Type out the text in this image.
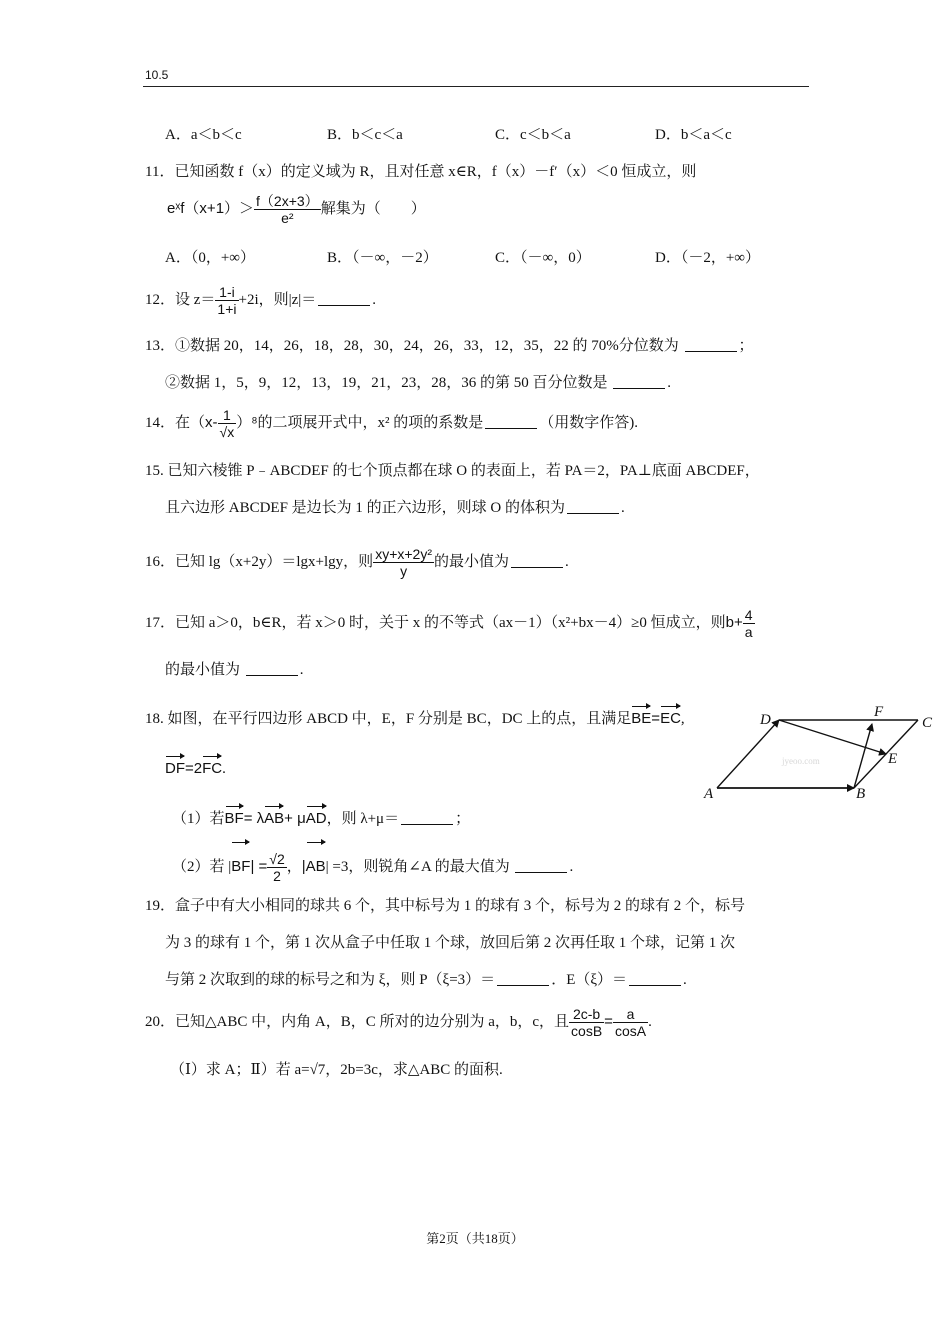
10.5
A．a＜b＜c	B．b＜c＜a	C．c＜b＜a	D．b＜a＜c
11．已知函数 f（x）的定义域为 R，且对任意 x∈R，f（x）－f′（x）＜0 恒成立，则
eˣf（x+1）＞ $\frac{f(2x+3)}{\text{e²}}$ 解集为（　　）
A．（0，+∞）	B．（－∞，－2）	C．（－∞，0）	D．（－2，+∞）
12．设 $z= \frac{1-i}{1+i} +2i$，则|z|＝	.
13．①数据 20，14，26，18，28，30，24，26，33，12，35，22 的 70%分位数为	；
②数据 1，5，9，12，13，19，21，23，28，36 的第 50 百分位数是	.
14．在$(x- \frac{1}{√x} )^8$的二项展开式中，x² 的项的系数是	（用数字作答).
15. 已知六棱锥 P﹣ABCDEF 的七个顶点都在球 O 的表面上，若 PA＝2，PA⊥底面 ABCDEF，
且六边形 ABCDEF 是边长为 1 的正六边形，则球 O 的体积为	.
16．已知 lg（x+2y）＝lgx+lgy，则 $\frac{\text{xy+x+2y²}}{y}$ 的最小值为	.
17．已知 a＞0，b∈R，若 x＞0 时，关于 x 的不等式（ax－1）（x²+bx－4）≥0 恒成立，则$b+ \frac{4}{a}$
的最小值为	.
18. 如图，在平行四边形 ABCD 中，E，F 分别是 BC，DC 上的点，且满足BE=EC,
DF=2FC.
（1）若BF= λAB+ μAD，则 λ+μ＝	；
（2）若 $|BF| = \frac{√2}{2}$ ，|AB| =3，则锐角∠A 的最大值为	.
jyeoo.com
D	F
C
E
A	B
19．盒子中有大小相同的球共 6 个，其中标号为 1 的球有 3 个，标号为 2 的球有 2 个，标号
为 3 的球有 1 个，第 1 次从盒子中任取 1 个球，放回后第 2 次再任取 1 个球，记第 1 次
与第 2 次取到的球的标号之和为 ξ，则 P（ξ=3）＝	．E（ξ）＝	.
20．已知△ABC 中，内角 A，B，C 所对的边分别为 a，b，c，且 $\frac{2c-b}{\cos B} = \frac{a}{\cos A}$ .
（Ⅰ）求 A；Ⅱ）若 a=√7，2b=3c，求△ABC 的面积.
第2页（共18页）
